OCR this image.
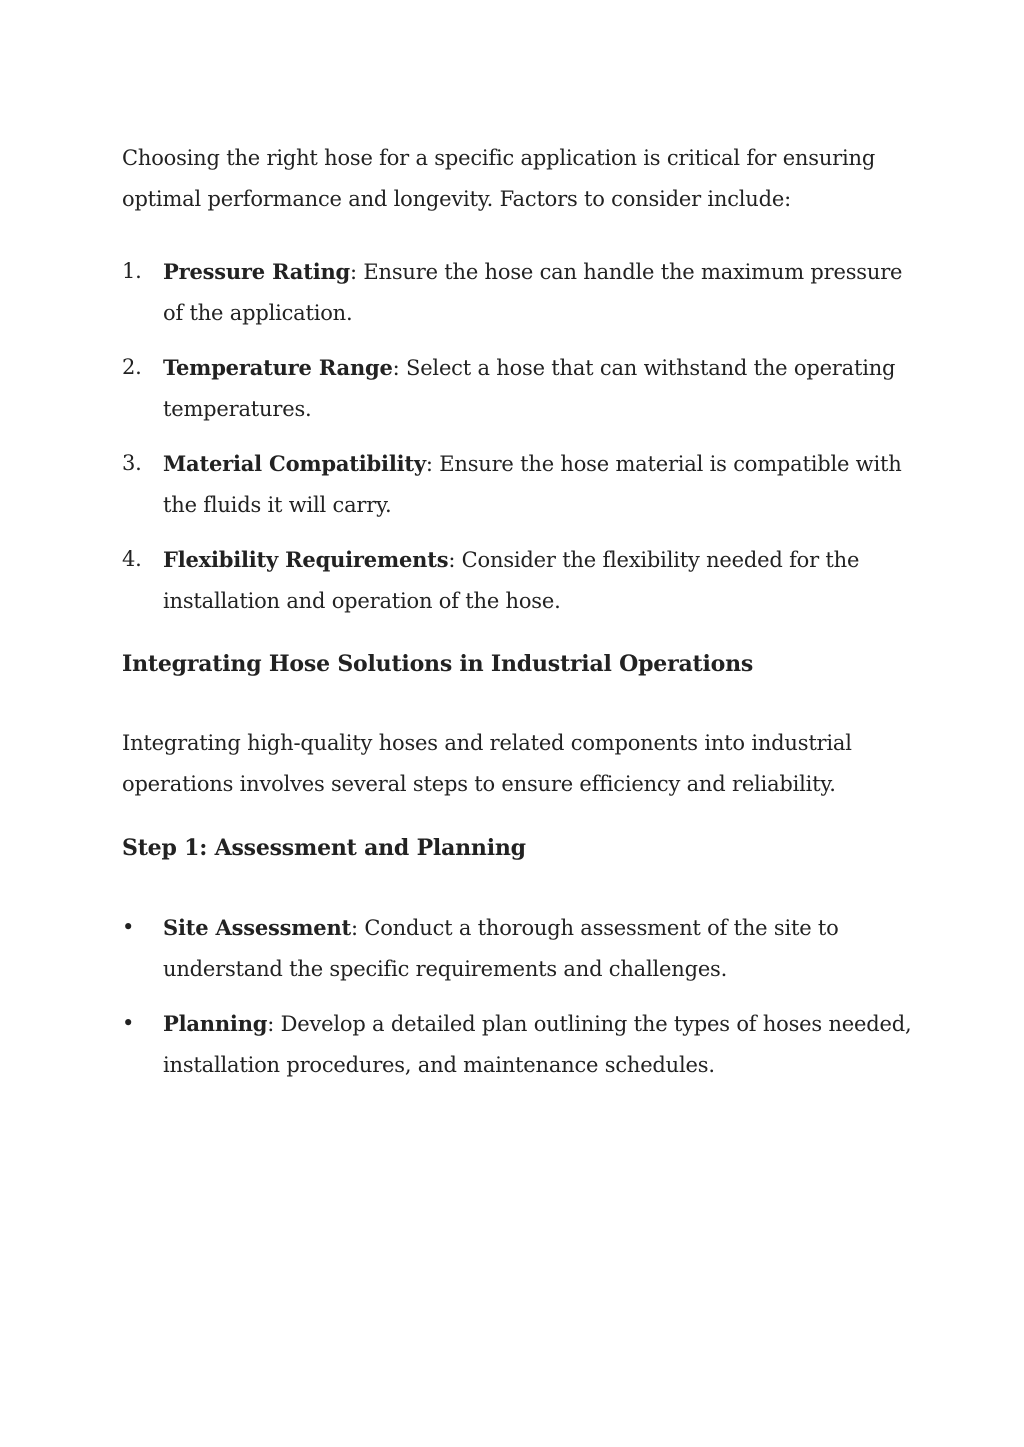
Choosing the right hose for a specific application is critical for ensuring optimal performance and longevity. Factors to consider include:

1. Pressure Rating: Ensure the hose can handle the maximum pressure of the application.
2. Temperature Range: Select a hose that can withstand the operating temperatures.
3. Material Compatibility: Ensure the hose material is compatible with the fluids it will carry.
4. Flexibility Requirements: Consider the flexibility needed for the installation and operation of the hose.
Integrating Hose Solutions in Industrial Operations

Integrating high-quality hoses and related components into industrial operations involves several steps to ensure efficiency and reliability.

Step 1: Assessment and Planning
• Site Assessment: Conduct a thorough assessment of the site to understand the specific requirements and challenges.
• Planning: Develop a detailed plan outlining the types of hoses needed, installation procedures, and maintenance schedules.
